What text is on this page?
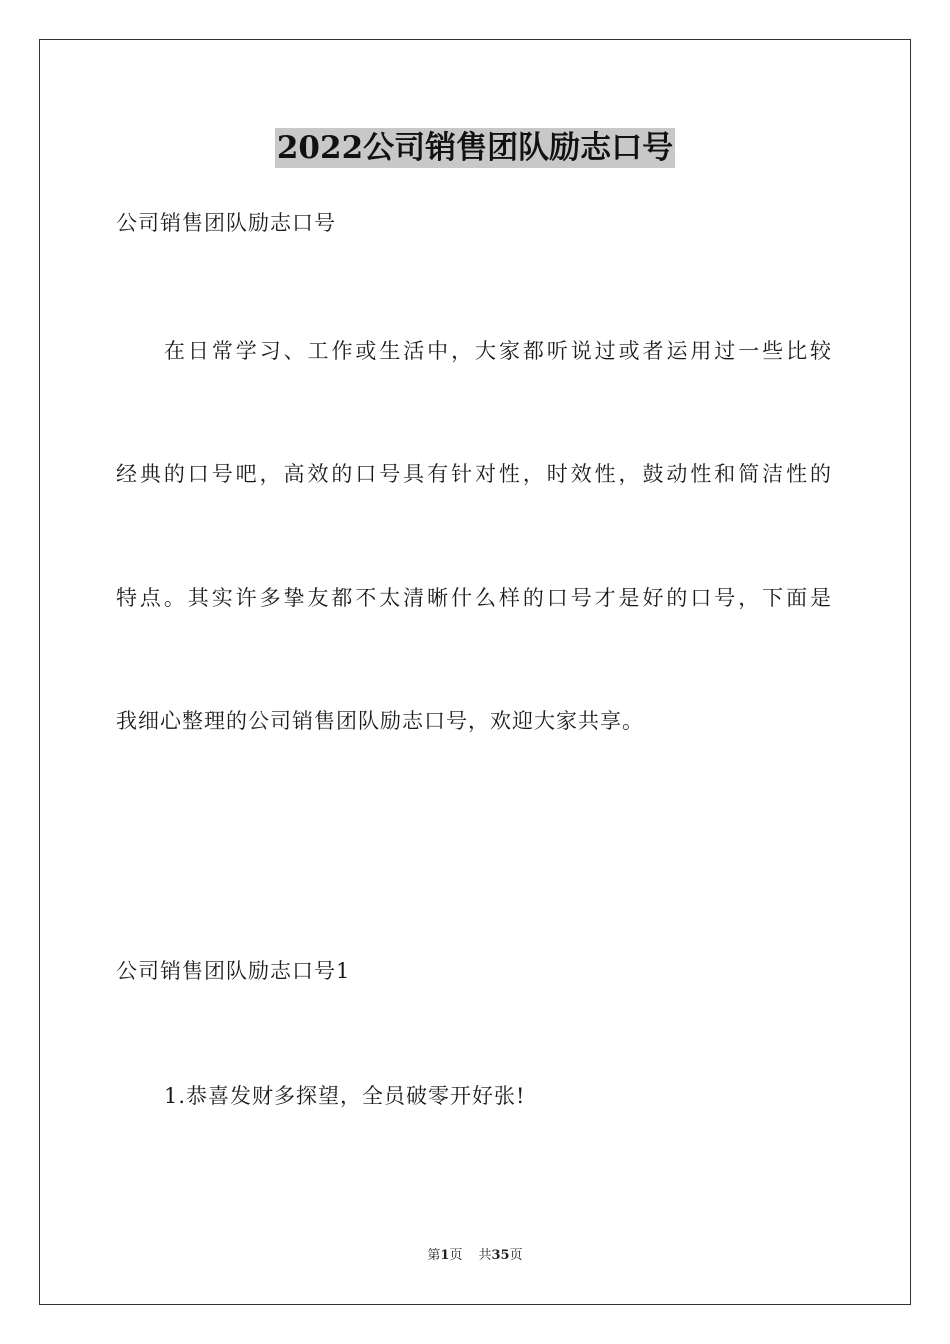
2022公司销售团队励志口号
公司销售团队励志口号
在日常学习、工作或生活中，大家都听说过或者运用过一些比较
经典的口号吧，高效的口号具有针对性，时效性，鼓动性和简洁性的
特点。其实许多挚友都不太清晰什么样的口号才是好的口号，下面是
我细心整理的公司销售团队励志口号，欢迎大家共享。
公司销售团队励志口号1
1.恭喜发财多探望，全员破零开好张!
第1页 共35页
